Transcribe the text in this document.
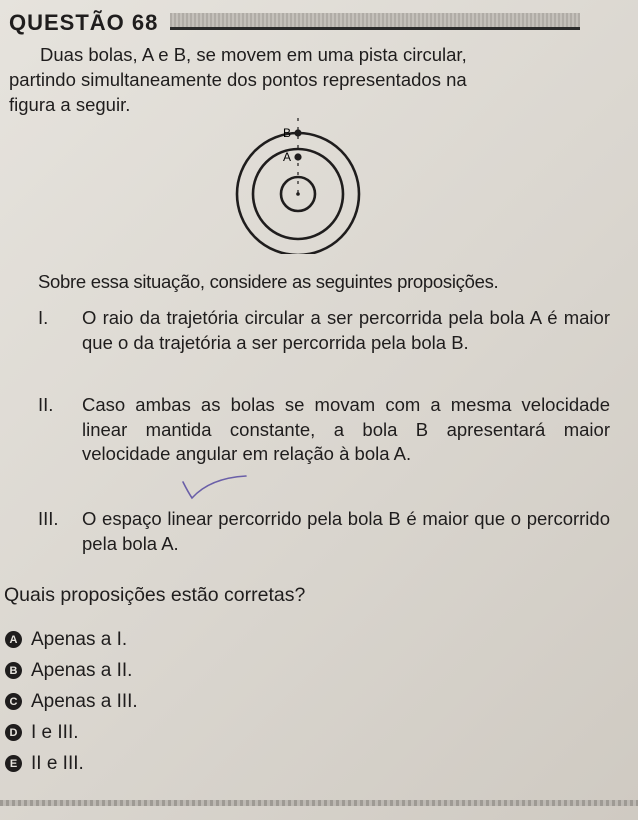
QUESTÃO 68

Duas bolas, A e B, se movem em uma pista circular,
partindo simultaneamente dos pontos representados na
figura a seguir.

B
A

Sobre essa situação, considere as seguintes proposições.

I.	O raio da trajetória circular a ser percorrida pela bola A é maior que o da trajetória a ser percorrida pela bola B.
II.	Caso ambas as bolas se movam com a mesma velocidade linear mantida constante, a bola B apresentará maior velocidade angular em relação à bola A.
III.	O espaço linear percorrido pela bola B é maior que o percorrido pela bola A.

Quais proposições estão corretas?

A Apenas a I.
B Apenas a II.
C Apenas a III.
D I e III.
E II e III.
